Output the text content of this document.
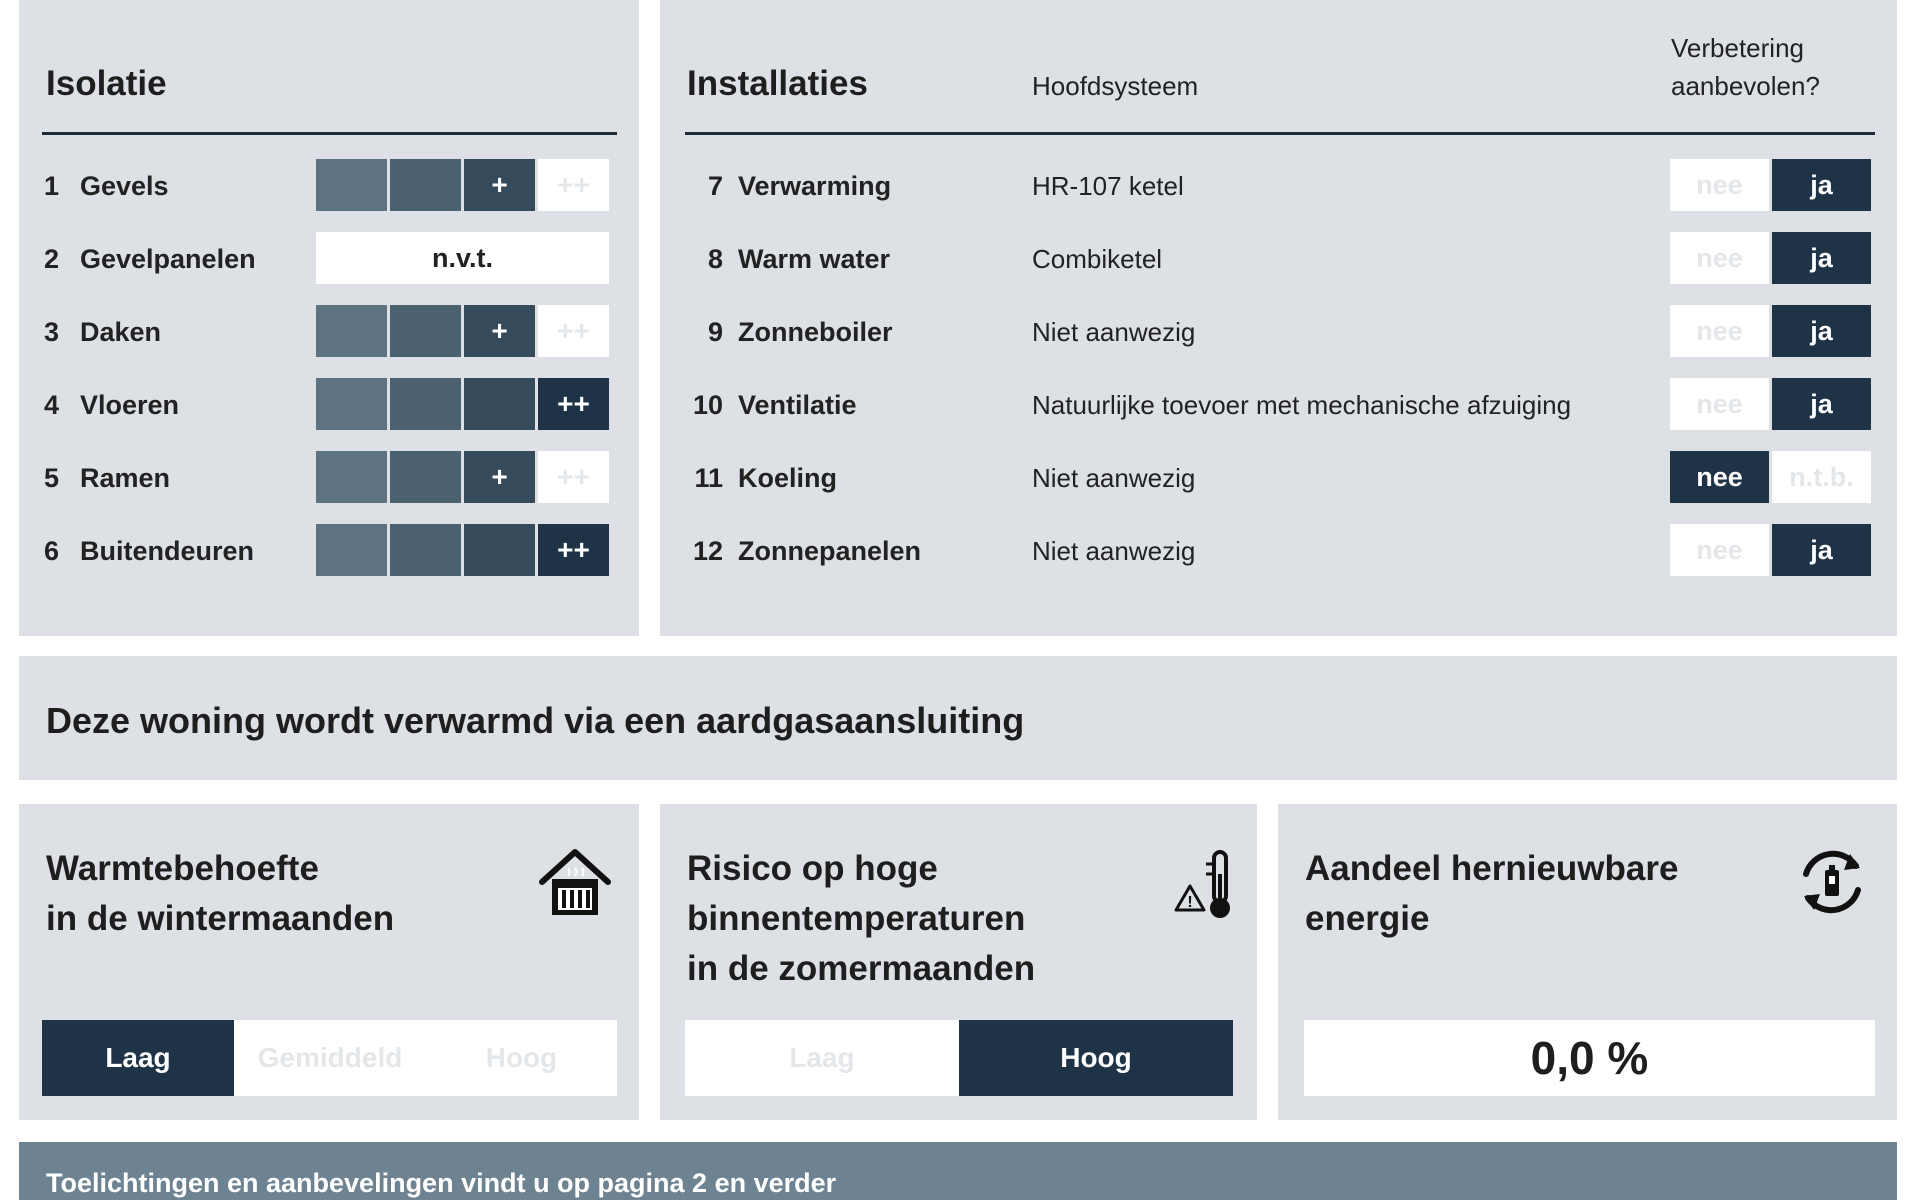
Isolatie
1 Gevels	+	++
2 Gevelpanelen	n.v.t.
3 Daken	+	++
4 Vloeren	++
5 Ramen	+	++
6 Buitendeuren	++
Installaties	Hoofdsysteem
Verbetering
aanbevolen?
7 Verwarming	HR-107 ketel	nee	ja
8 Warm water	Combiketel	nee	ja
9 Zonneboiler	Niet aanwezig	nee	ja
10 Ventilatie	Natuurlijke toevoer met mechanische afzuiging	nee	ja
11 Koeling	Niet aanwezig	nee	n.t.b.
12 Zonnepanelen	Niet aanwezig	nee	ja
Deze woning wordt verwarmd via een aardgasaansluiting
Warmtebehoefte
in de wintermaanden
Laag	Gemiddeld	Hoog
Risico op hoge
binnentemperaturen
in de zomermaanden
!
Laag	Hoog
Aandeel hernieuwbare
energie
0,0 %
Toelichtingen en aanbevelingen vindt u op pagina 2 en verder
